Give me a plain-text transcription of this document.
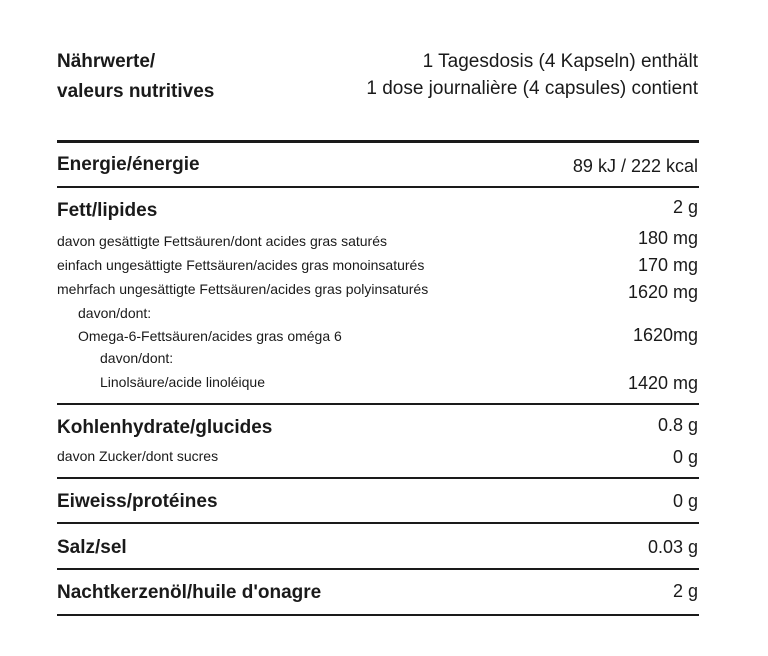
Nährwerte/
valeurs nutritives
1 Tagesdosis (4 Kapseln) enthält
1 dose journalière (4 capsules) contient
Energie/énergie	89 kJ / 222 kcal
Fett/lipides	2 g
davon gesättigte Fettsäuren/dont acides gras saturés	180 mg
einfach ungesättigte Fettsäuren/acides gras monoinsaturés	170 mg
mehrfach ungesättigte Fettsäuren/acides gras polyinsaturés	1620 mg
davon/dont:
Omega-6-Fettsäuren/acides gras oméga 6	1620mg
davon/dont:
Linolsäure/acide linoléique	1420 mg
Kohlenhydrate/glucides	0.8 g
davon Zucker/dont sucres	0 g
Eiweiss/protéines	0 g
Salz/sel	0.03 g
Nachtkerzenöl/huile d'onagre	2 g
